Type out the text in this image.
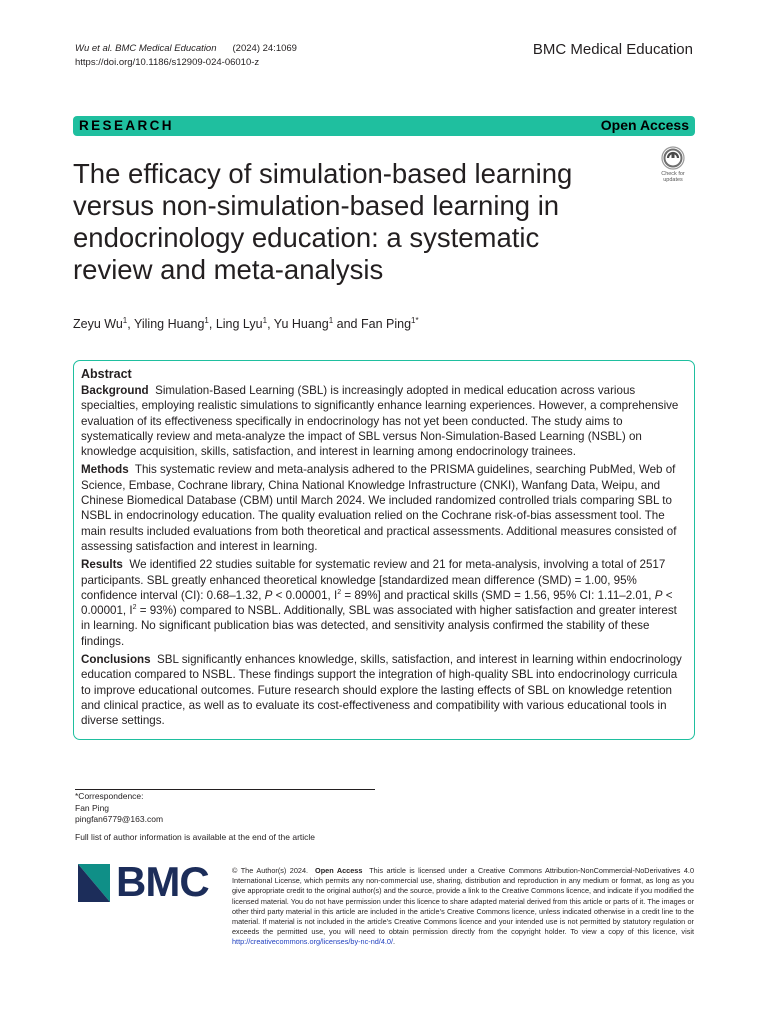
Wu et al. BMC Medical Education (2024) 24:1069
https://doi.org/10.1186/s12909-024-06010-z
BMC Medical Education
RESEARCH	Open Access
The efficacy of simulation-based learning versus non-simulation-based learning in endocrinology education: a systematic review and meta-analysis
Check for updates
Zeyu Wu$^1$, Yiling Huang$^1$, Ling Lyu$^1$, Yu Huang$^1$ and Fan Ping$^{1*}$
Abstract

Background Simulation-Based Learning (SBL) is increasingly adopted in medical education across various specialties, employing realistic simulations to significantly enhance learning experiences. However, a comprehensive evaluation of its effectiveness specifically in endocrinology has not yet been conducted. The study aims to systematically review and meta-analyze the impact of SBL versus Non-Simulation-Based Learning (NSBL) on knowledge acquisition, skills, satisfaction, and interest in learning among endocrinology trainees.

Methods This systematic review and meta-analysis adhered to the PRISMA guidelines, searching PubMed, Web of Science, Embase, Cochrane library, China National Knowledge Infrastructure (CNKI), Wanfang Data, Weipu, and Chinese Biomedical Database (CBM) until March 2024. We included randomized controlled trials comparing SBL to NSBL in endocrinology education. The quality evaluation relied on the Cochrane risk-of-bias assessment tool. The main results included evaluations from both theoretical and practical assessments. Additional measures consisted of assessing satisfaction and interest in learning.

Results We identified 22 studies suitable for systematic review and 21 for meta-analysis, involving a total of 2517 participants. SBL greatly enhanced theoretical knowledge [standardized mean difference (SMD) = 1.00, 95% confidence interval (CI): 0.68–1.32, P < 0.00001, $I^2 = 89\%$] and practical skills (SMD = 1.56, 95% CI: 1.11–2.01, P < 0.00001, $I^2 = 93\%$) compared to NSBL. Additionally, SBL was associated with higher satisfaction and greater interest in learning. No significant publication bias was detected, and sensitivity analysis confirmed the stability of these findings.

Conclusions SBL significantly enhances knowledge, skills, satisfaction, and interest in learning within endocrinology education compared to NSBL. These findings support the integration of high-quality SBL into endocrinology curricula to improve educational outcomes. Future research should explore the lasting effects of SBL on knowledge retention and clinical practice, as well as to evaluate its cost-effectiveness and compatibility with various educational tools in diverse settings.

*Correspondence:
Fan Ping
pingfan6779@163.com
Full list of author information is available at the end of the article
BMC	© The Author(s) 2024. Open Access This article is licensed under a Creative Commons Attribution-NonCommercial-NoDerivatives 4.0 International License, which permits any non-commercial use, sharing, distribution and reproduction in any medium or format, as long as you give appropriate credit to the original author(s) and the source, provide a link to the Creative Commons licence, and indicate if you modified the licensed material. You do not have permission under this licence to share adapted material derived from this article or parts of it. The images or other third party material in this article are included in the article’s Creative Commons licence, unless indicated otherwise in a credit line to the material. If material is not included in the article’s Creative Commons licence and your intended use is not permitted by statutory regulation or exceeds the permitted use, you will need to obtain permission directly from the copyright holder. To view a copy of this licence, visit http://creativecommons.org/licenses/by-nc-nd/4.0/.
